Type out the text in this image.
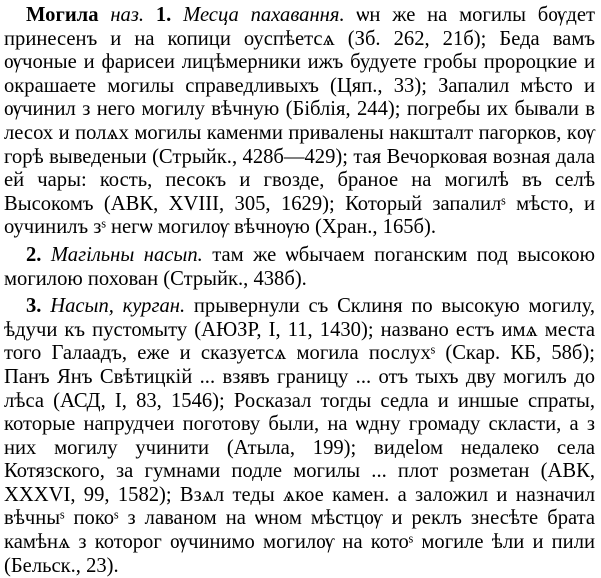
Могила наз. 1. Месца пахавання. ѡн же на могилы бѹдет принесенъ и на копици оуспѣетсѧ (Зб. 262, 21б); Беда вамъ ѹчоные и фарисеи лицѣмерники ижъ будуете гробы пророцкие и окрашаете могилы справедливыхъ (Цяп., 33); Запалил мѣсто и ѹчинил з него могилу вѣчную (Біблія, 244); погребы их бывали в лесох и полѧх могилы каменми привалены накшталт пагорков, кѹ горѣ выведеныи (Стрыйк., 428б—429); тая Вечорковая возная дала ей чары: кость, песокъ и гвозде, браное на могилѣ въ селѣ Высокомъ (АВК, XVIII, 305, 1629); Который запалилˢ мѣсто, и оучинилъ зˢ негѡ могилѹ вѣчнѹю (Хран., 165б).

2. Магільны насып. там же ѡбычаем поганским под высокою могилою похован (Стрыйк., 438б).

3. Насып, курган. прывернули съ Склиня по высокую могилу, ѣдучи къ пустомыту (АЮЗР, I, 11, 1430); названо естъ имѧ места того Галаадъ, еже и сказуетсѧ могила послухˢ (Скар. КБ, 58б); Панъ Янъ Свѣтицкій ... взявъ границу ... отъ тыхъ дву могилъ до лѣса (АСД, I, 83, 1546); Росказал тогды седла и иншые спраты, которые напрудчеи поготову были, на ѡдну громаду скласти, а з них могилу учинити (Атыла, 199); видelом недалеко села Котязского, за гумнами подле могилы ... плот розметан (АВК, XXXVI, 99, 1582); Взѧл теды ѧкое камен. а заложил и назначил вѣчныˢ покоˢ з лаваном на ѡном мѣстцѹ и реклъ знесѣте брата камѣнѧ з которог ѹчинимо могилѹ на котоˢ могиле ѣли и пили (Бельск., 23).
